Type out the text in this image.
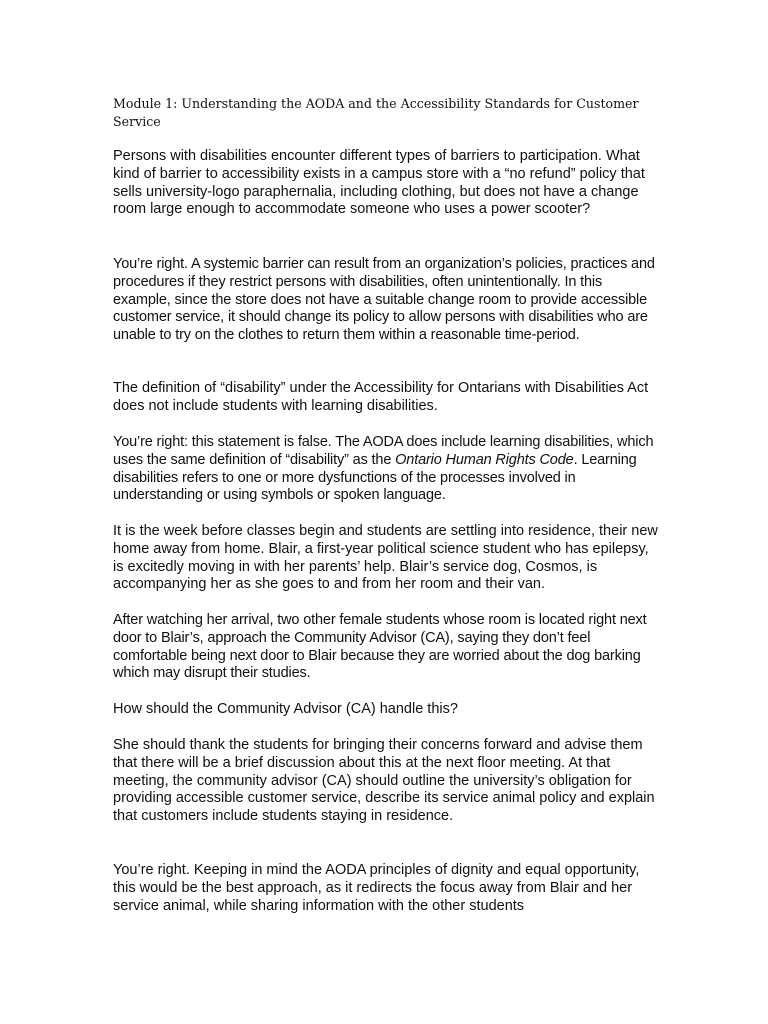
Module 1: Understanding the AODA and the Accessibility Standards for Customer Service

Persons with disabilities encounter different types of barriers to participation. What kind of barrier to accessibility exists in a campus store with a “no refund” policy that sells university-logo paraphernalia, including clothing, but does not have a change room large enough to accommodate someone who uses a power scooter?

You’re right. A systemic barrier can result from an organization’s policies, practices and procedures if they restrict persons with disabilities, often unintentionally. In this example, since the store does not have a suitable change room to provide accessible customer service, it should change its policy to allow persons with disabilities who are unable to try on the clothes to return them within a reasonable time-period.

The definition of “disability” under the Accessibility for Ontarians with Disabilities Act does not include students with learning disabilities.

You’re right: this statement is false. The AODA does include learning disabilities, which uses the same definition of “disability” as the Ontario Human Rights Code. Learning disabilities refers to one or more dysfunctions of the processes involved in understanding or using symbols or spoken language.

It is the week before classes begin and students are settling into residence, their new home away from home. Blair, a first-year political science student who has epilepsy, is excitedly moving in with her parents’ help. Blair’s service dog, Cosmos, is accompanying her as she goes to and from her room and their van.

After watching her arrival, two other female students whose room is located right next door to Blair’s, approach the Community Advisor (CA), saying they don’t feel comfortable being next door to Blair because they are worried about the dog barking which may disrupt their studies.

How should the Community Advisor (CA) handle this?

She should thank the students for bringing their concerns forward and advise them that there will be a brief discussion about this at the next floor meeting. At that meeting, the community advisor (CA) should outline the university’s obligation for providing accessible customer service, describe its service animal policy and explain that customers include students staying in residence.

You’re right. Keeping in mind the AODA principles of dignity and equal opportunity, this would be the best approach, as it redirects the focus away from Blair and her service animal, while sharing information with the other students
